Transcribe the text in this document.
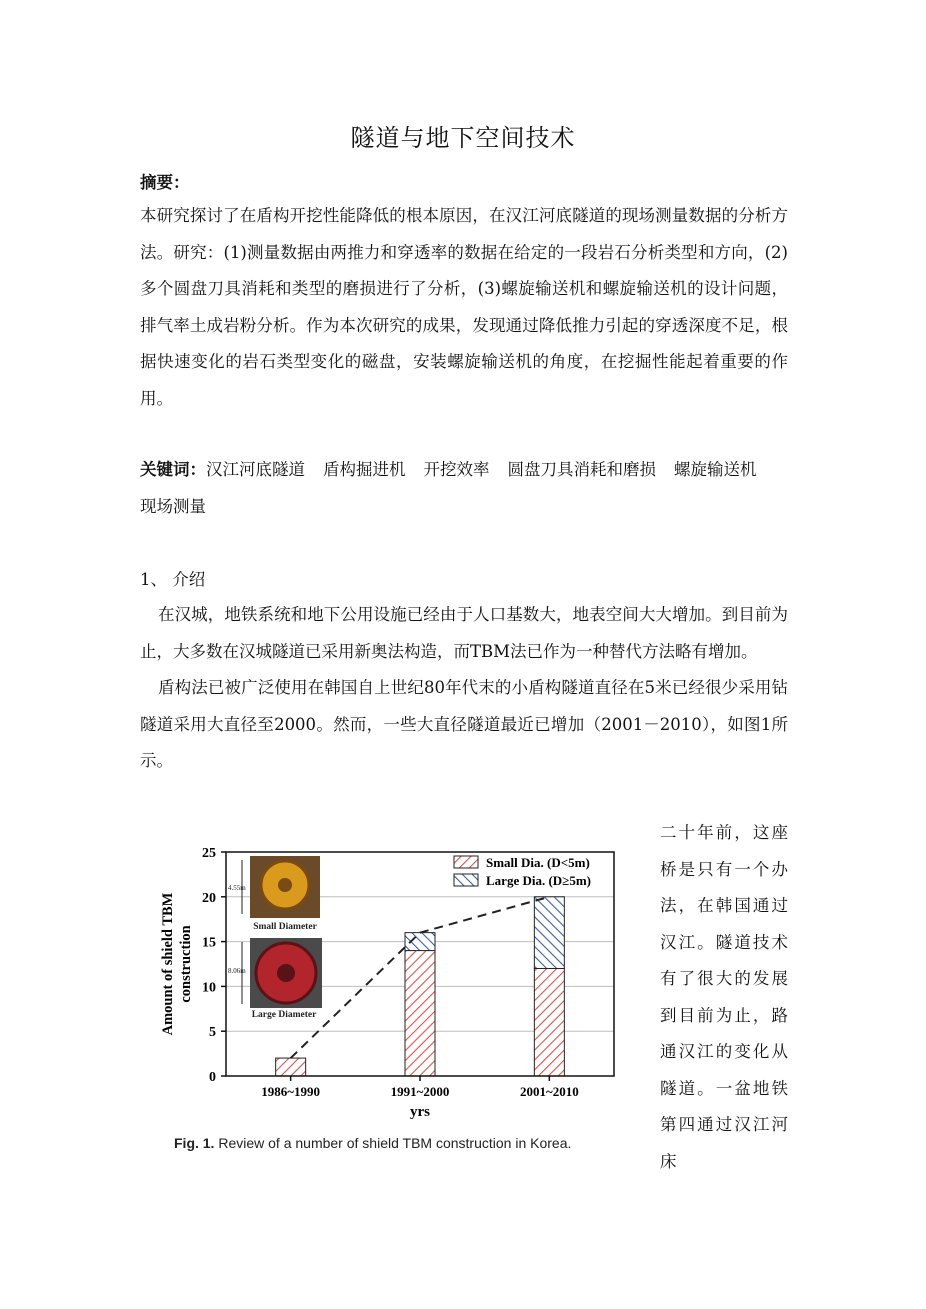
隧道与地下空间技术
摘要：
本研究探讨了在盾构开挖性能降低的根本原因，在汉江河底隧道的现场测量数据的分析方法。研究：(1)测量数据由两推力和穿透率的数据在给定的一段岩石分析类型和方向，(2)多个圆盘刀具消耗和类型的磨损进行了分析，(3)螺旋输送机和螺旋输送机的设计问题，排气率土成岩粉分析。作为本次研究的成果，发现通过降低推力引起的穿透深度不足，根据快速变化的岩石类型变化的磁盘，安装螺旋输送机的角度，在挖掘性能起着重要的作用。
关键词：汉江河底隧道 盾构掘进机 开挖效率 圆盘刀具消耗和磨损 螺旋输送机现场测量
1、 介绍

在汉城，地铁系统和地下公用设施已经由于人口基数大，地表空间大大增加。到目前为止，大多数在汉城隧道已采用新奥法构造，而TBM法已作为一种替代方法略有增加。

盾构法已被广泛使用在韩国自上世纪80年代末的小盾构隧道直径在5米已经很少采用钻隧道采用大直径至2000。然而，一些大直径隧道最近已增加（2001－2010），如图1所示。

二十年前，这座桥是只有一个办法，在韩国通过汉江。隧道技术有了很大的发展到目前为止，路通汉江的变化从隧道。一盆地铁第四通过汉江河床
4.55m
Small Diameter
8.06m
Large Diameter
0
5
10
15
20
25
1986~1990	1991~2000	2001~2010
yrs
Amount of shield TBM construction
Small Dia. (D<5m)
Large Dia. (D≥5m)
Fig. 1. Review of a number of shield TBM construction in Korea.
